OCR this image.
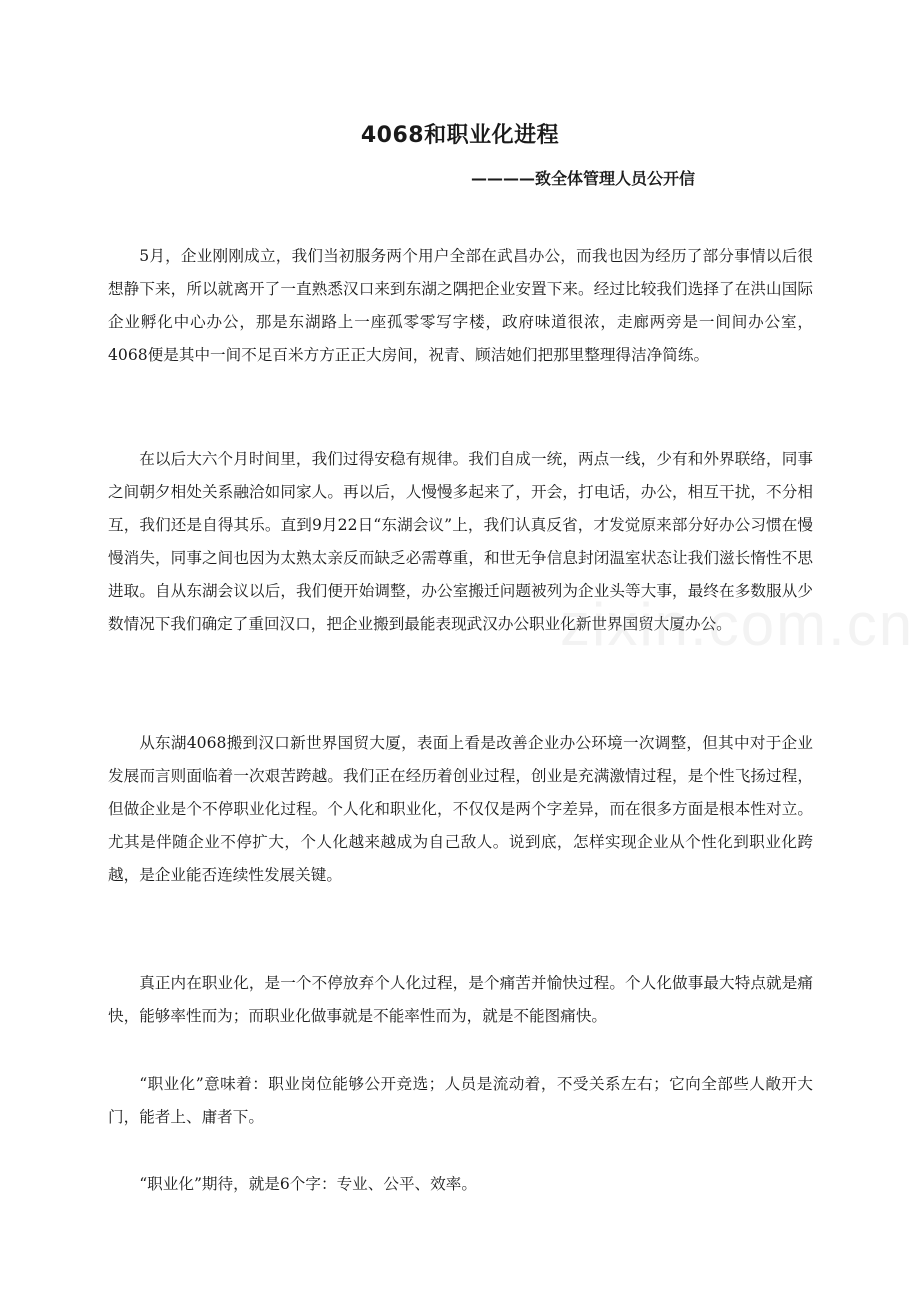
4068和职业化进程
————致全体管理人员公开信

5月，企业刚刚成立，我们当初服务两个用户全部在武昌办公，而我也因为经历了部分事情以后很想静下来，所以就离开了一直熟悉汉口来到东湖之隅把企业安置下来。经过比较我们选择了在洪山国际企业孵化中心办公，那是东湖路上一座孤零零写字楼，政府味道很浓，走廊两旁是一间间办公室，4068便是其中一间不足百米方方正正大房间，祝青、顾洁她们把那里整理得洁净简练。

在以后大六个月时间里，我们过得安稳有规律。我们自成一统，两点一线，少有和外界联络，同事之间朝夕相处关系融洽如同家人。再以后，人慢慢多起来了，开会，打电话，办公，相互干扰，不分相互，我们还是自得其乐。直到9月22日“东湖会议”上，我们认真反省，才发觉原来部分好办公习惯在慢慢消失，同事之间也因为太熟太亲反而缺乏必需尊重，和世无争信息封闭温室状态让我们滋长惰性不思进取。自从东湖会议以后，我们便开始调整，办公室搬迁问题被列为企业头等大事，最终在多数服从少数情况下我们确定了重回汉口，把企业搬到最能表现武汉办公职业化新世界国贸大厦办公。

从东湖4068搬到汉口新世界国贸大厦，表面上看是改善企业办公环境一次调整，但其中对于企业发展而言则面临着一次艰苦跨越。我们正在经历着创业过程，创业是充满激情过程，是个性飞扬过程，但做企业是个不停职业化过程。个人化和职业化，不仅仅是两个字差异，而在很多方面是根本性对立。尤其是伴随企业不停扩大，个人化越来越成为自己敌人。说到底，怎样实现企业从个性化到职业化跨越，是企业能否连续性发展关键。

真正内在职业化，是一个不停放弃个人化过程，是个痛苦并愉快过程。个人化做事最大特点就是痛快，能够率性而为；而职业化做事就是不能率性而为，就是不能图痛快。

“职业化”意味着：职业岗位能够公开竞选；人员是流动着，不受关系左右；它向全部些人敞开大门，能者上、庸者下。

“职业化”期待，就是6个字：专业、公平、效率。

zixin.com.cn
